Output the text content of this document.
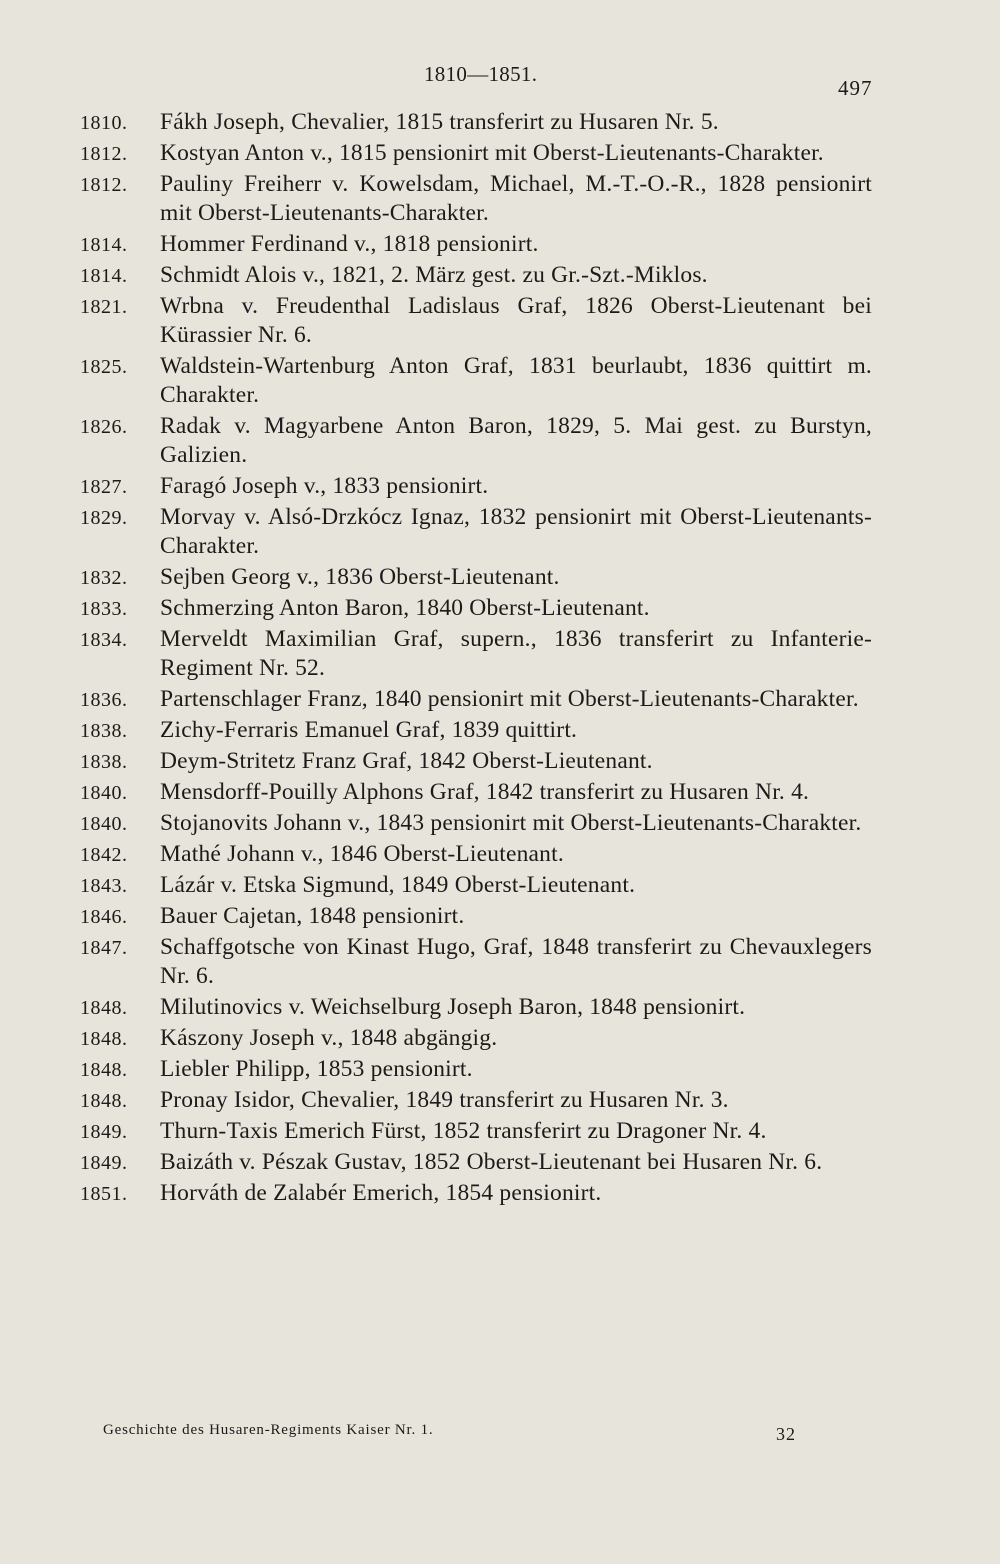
1810—1851.
497
1810.	Fákh Joseph, Chevalier, 1815 transferirt zu Husaren Nr. 5.
1812.	Kostyan Anton v., 1815 pensionirt mit Oberst-Lieutenants-Charakter.
1812.	Pauliny Freiherr v. Kowelsdam, Michael, M.-T.-O.-R., 1828 pensionirt mit Oberst-Lieutenants-Charakter.
1814.	Hommer Ferdinand v., 1818 pensionirt.
1814.	Schmidt Alois v., 1821, 2. März gest. zu Gr.-Szt.-Miklos.
1821.	Wrbna v. Freudenthal Ladislaus Graf, 1826 Oberst-Lieutenant bei Kürassier Nr. 6.
1825.	Waldstein-Wartenburg Anton Graf, 1831 beurlaubt, 1836 quittirt m. Charakter.
1826.	Radak v. Magyarbene Anton Baron, 1829, 5. Mai gest. zu Burstyn, Galizien.
1827.	Faragó Joseph v., 1833 pensionirt.
1829.	Morvay v. Alsó-Drzkócz Ignaz, 1832 pensionirt mit Oberst-Lieutenants-Charakter.
1832.	Sejben Georg v., 1836 Oberst-Lieutenant.
1833.	Schmerzing Anton Baron, 1840 Oberst-Lieutenant.
1834.	Merveldt Maximilian Graf, supern., 1836 transferirt zu Infanterie-Regiment Nr. 52.
1836.	Partenschlager Franz, 1840 pensionirt mit Oberst-Lieutenants-Charakter.
1838.	Zichy-Ferraris Emanuel Graf, 1839 quittirt.
1838.	Deym-Stritetz Franz Graf, 1842 Oberst-Lieutenant.
1840.	Mensdorff-Pouilly Alphons Graf, 1842 transferirt zu Husaren Nr. 4.
1840.	Stojanovits Johann v., 1843 pensionirt mit Oberst-Lieutenants-Charakter.
1842.	Mathé Johann v., 1846 Oberst-Lieutenant.
1843.	Lázár v. Etska Sigmund, 1849 Oberst-Lieutenant.
1846.	Bauer Cajetan, 1848 pensionirt.
1847.	Schaffgotsche von Kinast Hugo, Graf, 1848 transferirt zu Chevauxlegers Nr. 6.
1848.	Milutinovics v. Weichselburg Joseph Baron, 1848 pensionirt.
1848.	Kászony Joseph v., 1848 abgängig.
1848.	Liebler Philipp, 1853 pensionirt.
1848.	Pronay Isidor, Chevalier, 1849 transferirt zu Husaren Nr. 3.
1849.	Thurn-Taxis Emerich Fürst, 1852 transferirt zu Dragoner Nr. 4.
1849.	Baizáth v. Pészak Gustav, 1852 Oberst-Lieutenant bei Husaren Nr. 6.
1851.	Horváth de Zalabér Emerich, 1854 pensionirt.
Geschichte des Husaren-Regiments Kaiser Nr. 1.	32
